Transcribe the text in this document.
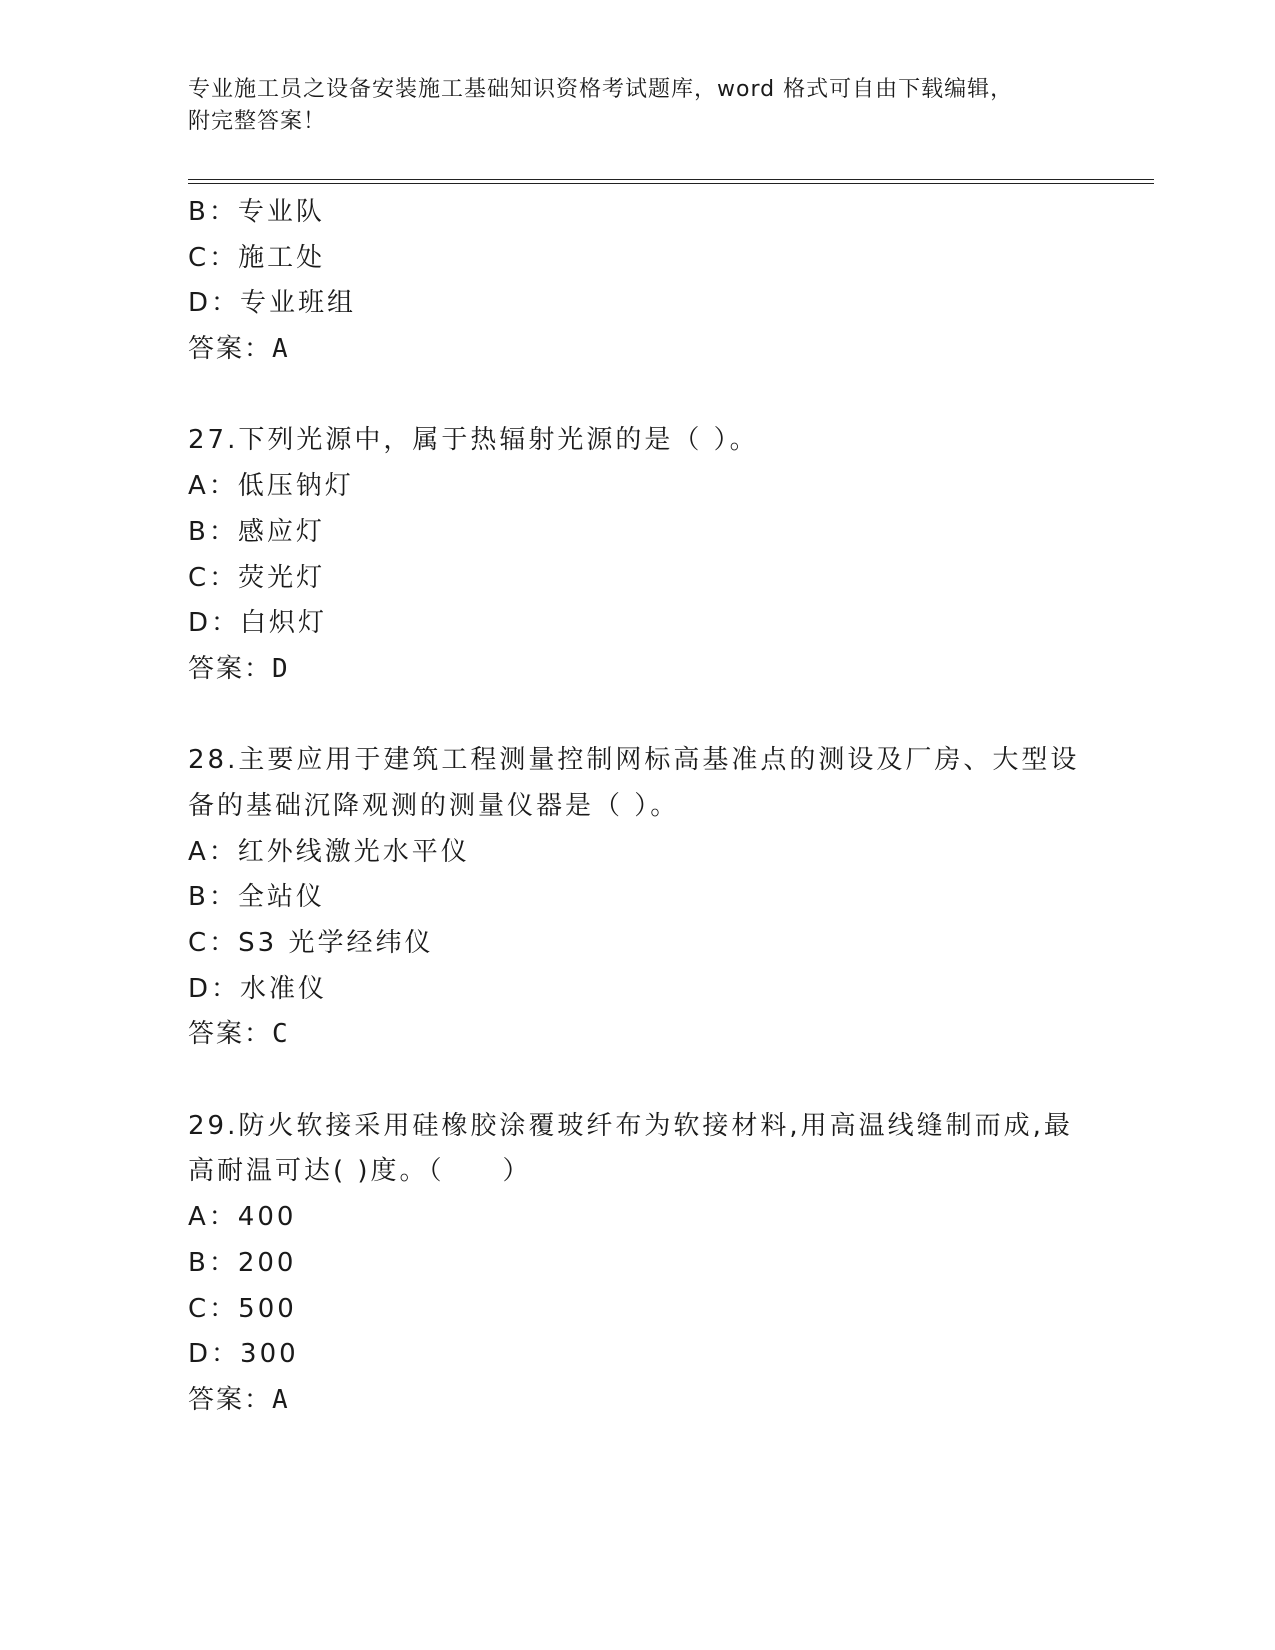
专业施工员之设备安装施工基础知识资格考试题库，word 格式可自由下载编辑，
附完整答案！
B：专业队
C：施工处
D：专业班组
答案：A
27.下列光源中，属于热辐射光源的是（ ）。
A：低压钠灯
B：感应灯
C：荧光灯
D：白炽灯
答案：D
28.主要应用于建筑工程测量控制网标高基准点的测设及厂房、大型设
备的基础沉降观测的测量仪器是（ ）。
A：红外线激光水平仪
B：全站仪
C：S3 光学经纬仪
D：水准仪
答案：C
29.防火软接采用硅橡胶涂覆玻纤布为软接材料,用高温线缝制而成,最
高耐温可达( )度。（　　）
A：400
B：200
C：500
D：300
答案：A
